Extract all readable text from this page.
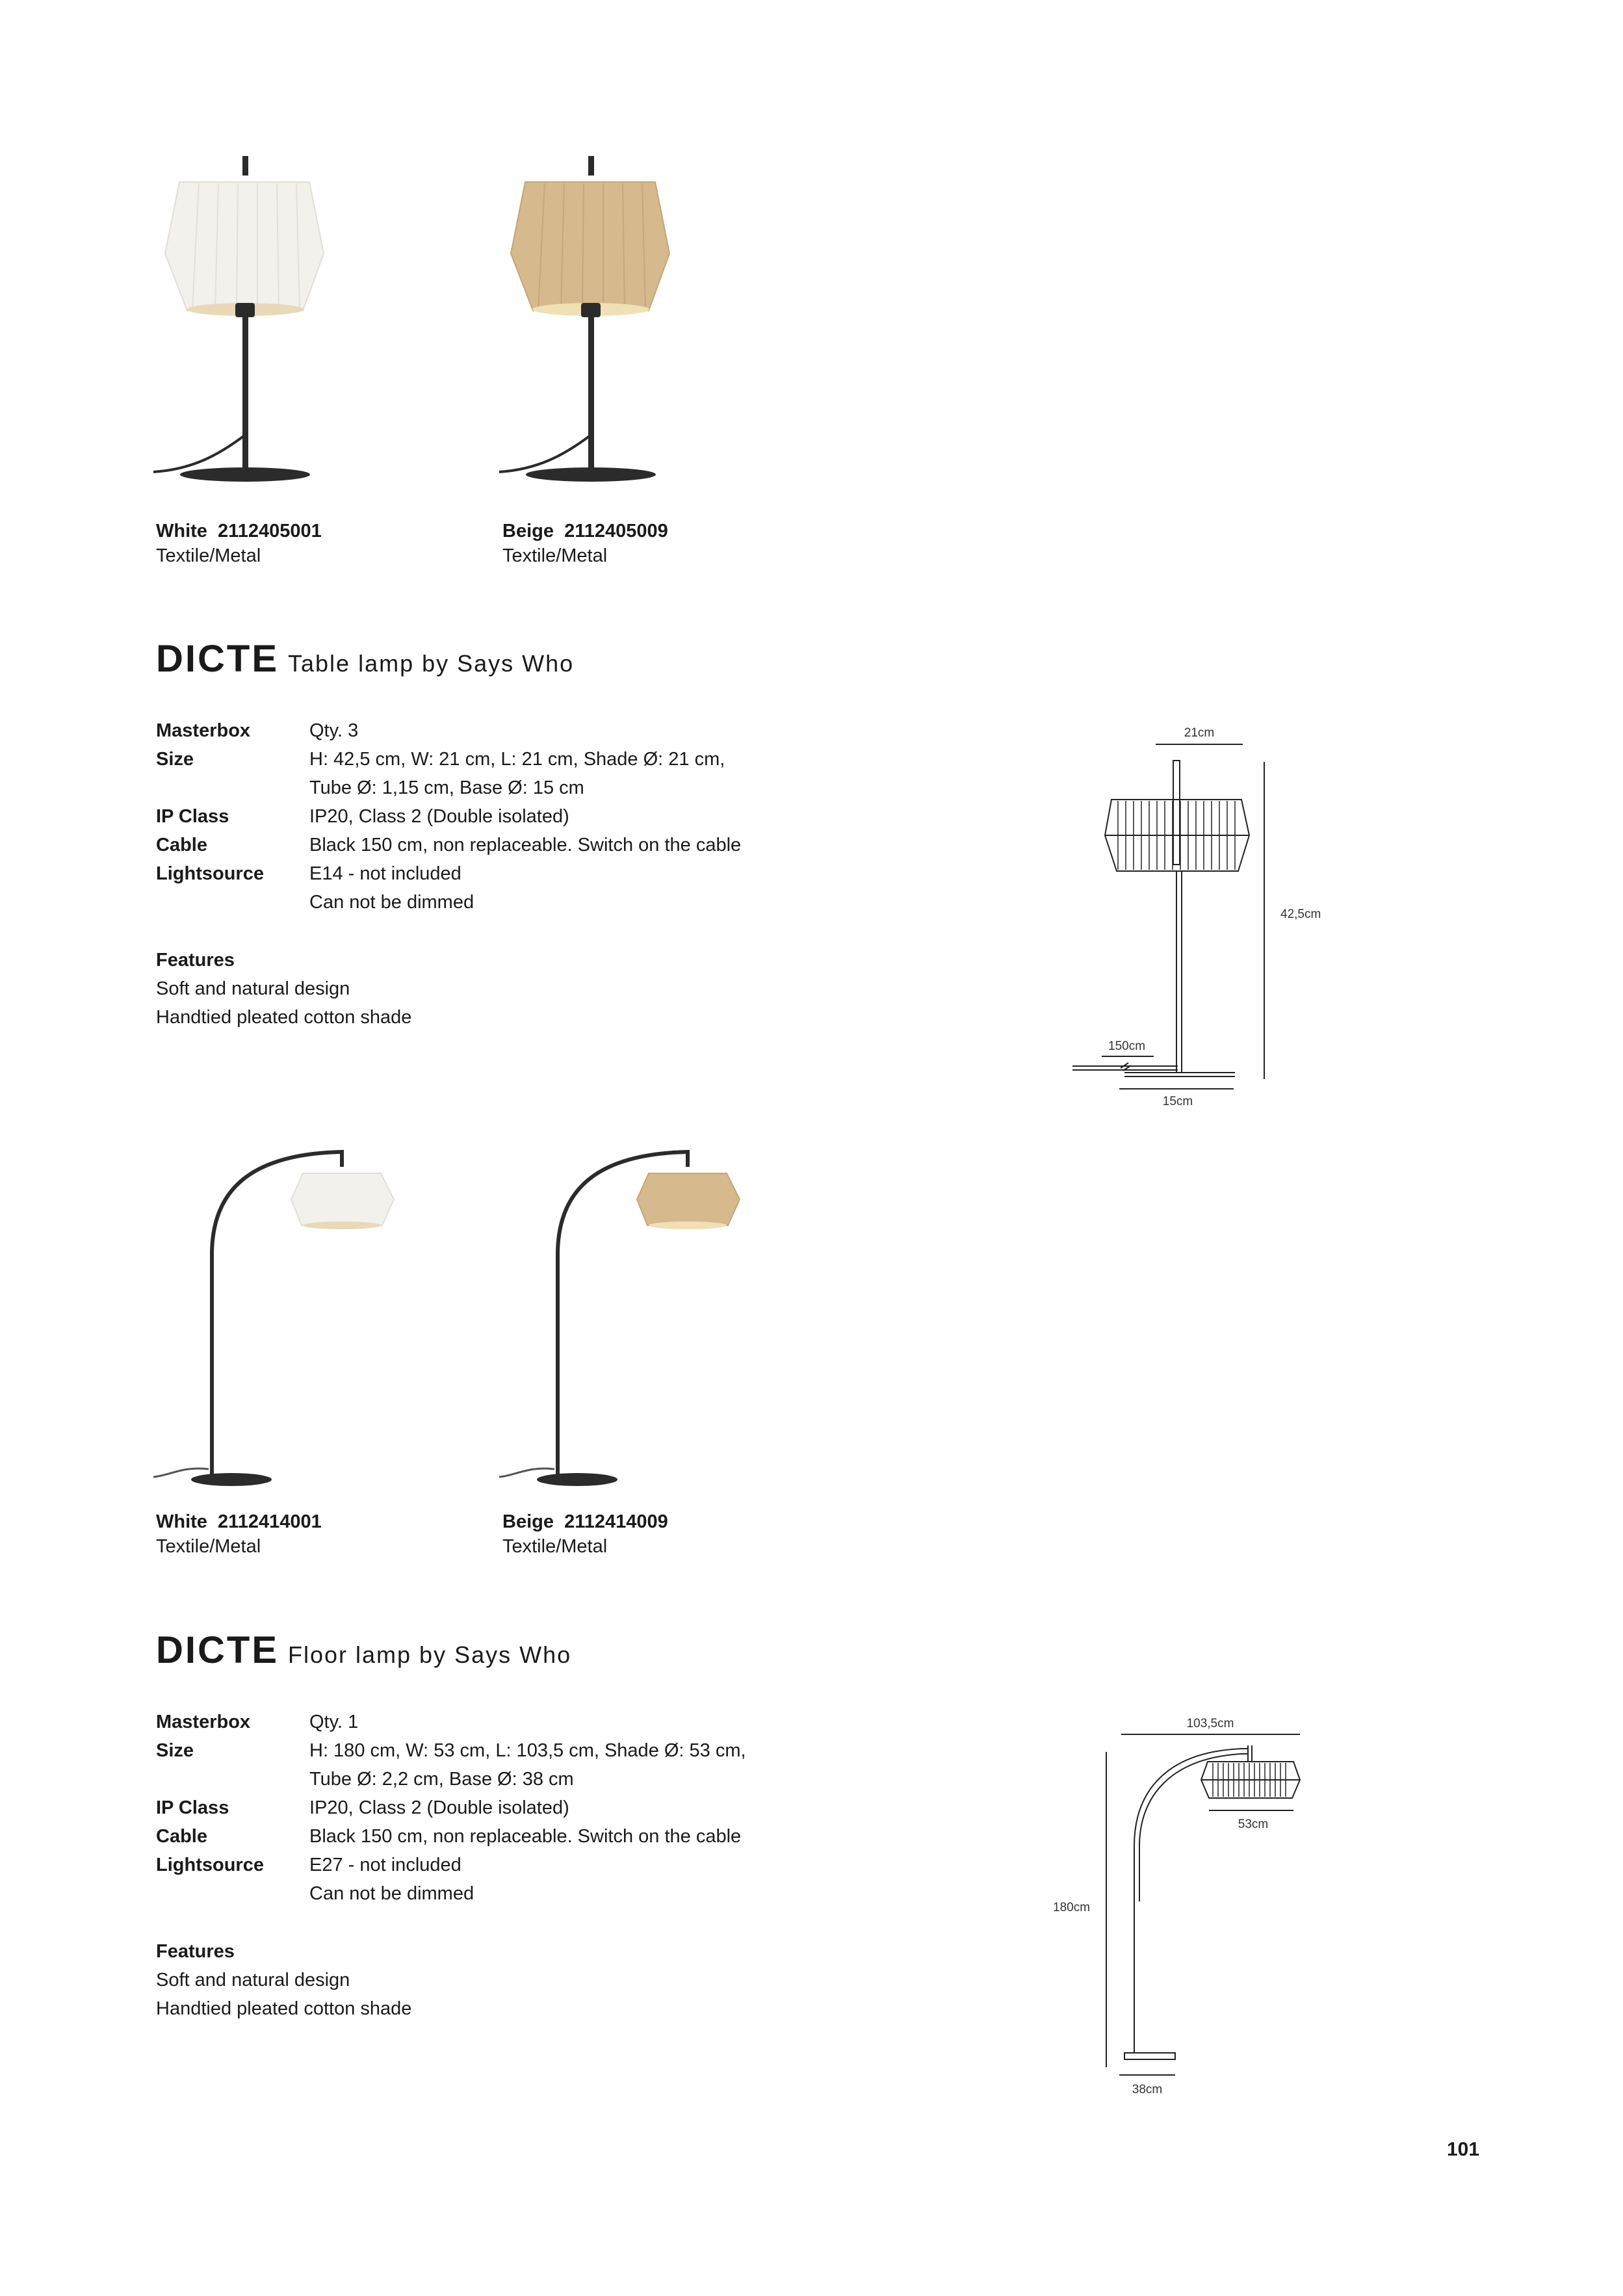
White  2112405001
Textile/Metal
Beige  2112405009
Textile/Metal
DICTE Table lamp by Says Who
Masterbox	Qty. 3
Size	H: 42,5 cm, W: 21 cm, L: 21 cm, Shade Ø: 21 cm,
Tube Ø: 1,15 cm, Base Ø: 15 cm
IP Class	IP20, Class 2 (Double isolated)
Cable	Black 150 cm, non replaceable. Switch on the cable
Lightsource E14 - not included
Can not be dimmed
Features
Soft and natural design
Handtied pleated cotton shade
21cm
42,5cm
150cm
15cm
White  2112414001
Textile/Metal
Beige  2112414009
Textile/Metal
DICTE Floor lamp by Says Who
Masterbox	Qty. 1
Size	H: 180 cm, W: 53 cm, L: 103,5 cm, Shade Ø: 53 cm,
Tube Ø: 2,2 cm, Base Ø: 38 cm
IP Class	IP20, Class 2 (Double isolated)
Cable	Black 150 cm, non replaceable. Switch on the cable
Lightsource E27 - not included
Can not be dimmed
Features
Soft and natural design
Handtied pleated cotton shade
103,5cm
180cm
53cm
38cm
101
